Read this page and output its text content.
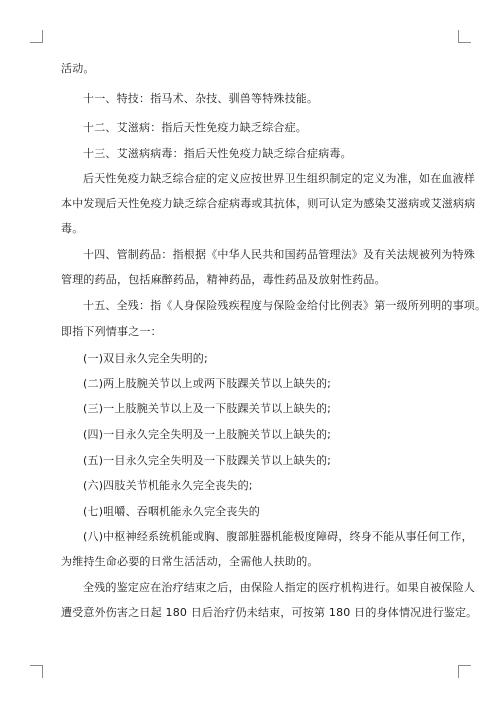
活动。
十一、特技：指马术、杂技、驯兽等特殊技能。
十二、艾滋病：指后天性免疫力缺乏综合症。
十三、艾滋病病毒：指后天性免疫力缺乏综合症病毒。
后天性免疫力缺乏综合症的定义应按世界卫生组织制定的定义为准，如在血液样
本中发现后天性免疫力缺乏综合症病毒或其抗体，则可认定为感染艾滋病或艾滋病病
毒。
十四、管制药品：指根据《中华人民共和国药品管理法》及有关法规被列为特殊
管理的药品，包括麻醉药品，精神药品，毒性药品及放射性药品。
十五、全残：指《人身保险残疾程度与保险金给付比例表》第一级所列明的事项。
即指下列情事之一：
(一)双目永久完全失明的;
(二)两上肢腕关节以上或两下肢踝关节以上缺失的;
(三)一上肢腕关节以上及一下肢踝关节以上缺失的;
(四)一目永久完全失明及一上肢腕关节以上缺失的;
(五)一目永久完全失明及一下肢踝关节以上缺失的;
(六)四肢关节机能永久完全丧失的;
(七)咀嚼、吞咽机能永久完全丧失的
(八)中枢神经系统机能或胸、腹部脏器机能极度障碍，终身不能从事任何工作，
为维持生命必要的日常生活活动，全需他人扶助的。
全残的鉴定应在治疗结束之后，由保险人指定的医疗机构进行。如果自被保险人
遭受意外伤害之日起 180 日后治疗仍未结束，可按第 180 日的身体情况进行鉴定。
